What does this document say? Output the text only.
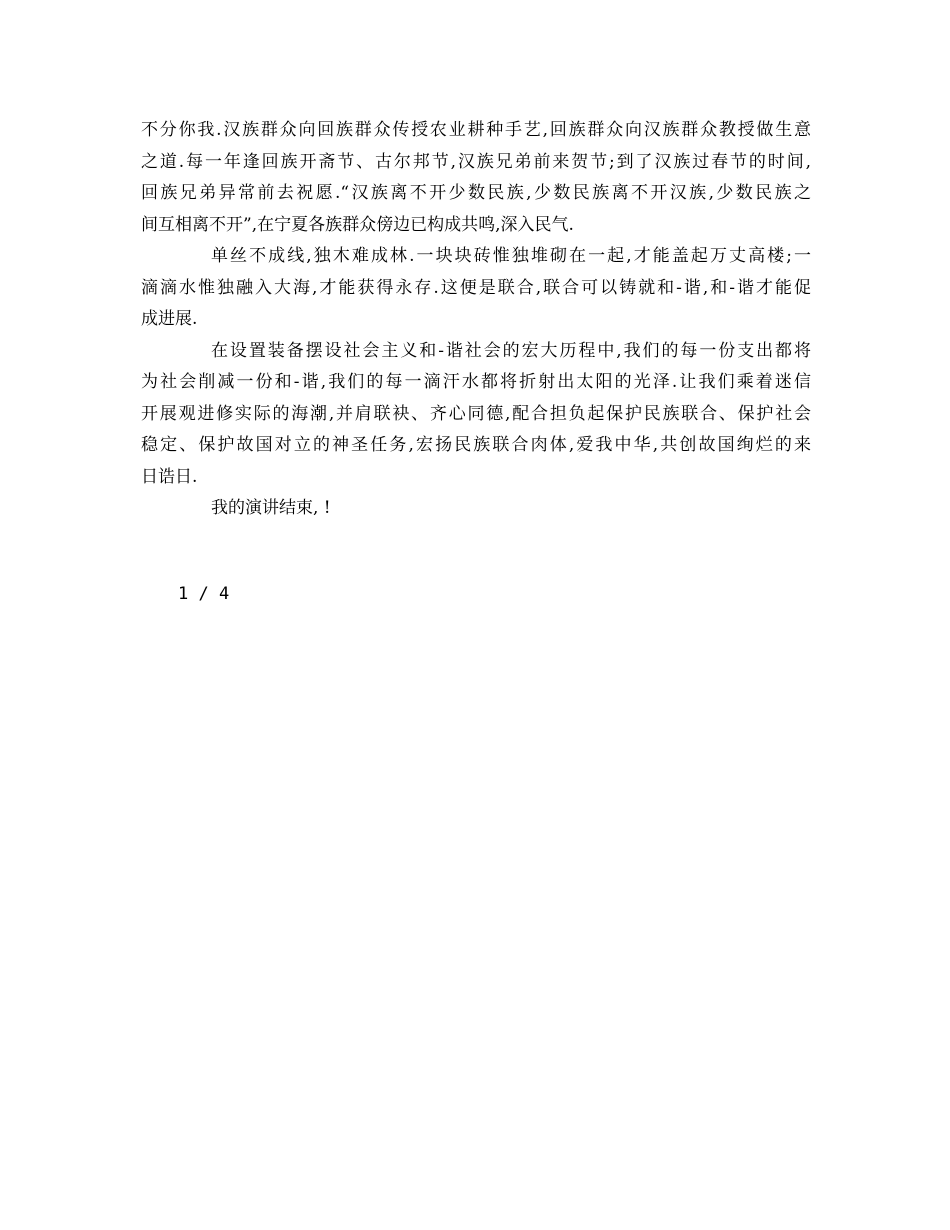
不分你我.汉族群众向回族群众传授农业耕种手艺,回族群众向汉族群众教授做生意
之道.每一年逢回族开斋节、古尔邦节,汉族兄弟前来贺节;到了汉族过春节的时间,
回族兄弟异常前去祝愿.“汉族离不开少数民族,少数民族离不开汉族,少数民族之
间互相离不开”,在宁夏各族群众傍边已构成共鸣,深入民气.
单丝不成线,独木难成林.一块块砖惟独堆砌在一起,才能盖起万丈高楼;一
滴滴水惟独融入大海,才能获得永存.这便是联合,联合可以铸就和-谐,和-谐才能促
成进展.
在设置装备摆设社会主义和-谐社会的宏大历程中,我们的每一份支出都将
为社会削减一份和-谐,我们的每一滴汗水都将折射出太阳的光泽.让我们乘着迷信
开展观进修实际的海潮,并肩联袂、齐心同德,配合担负起保护民族联合、保护社会
稳定、保护故国对立的神圣任务,宏扬民族联合肉体,爱我中华,共创故国绚烂的来
日诰日.
我的演讲结束, !
1 / 4
